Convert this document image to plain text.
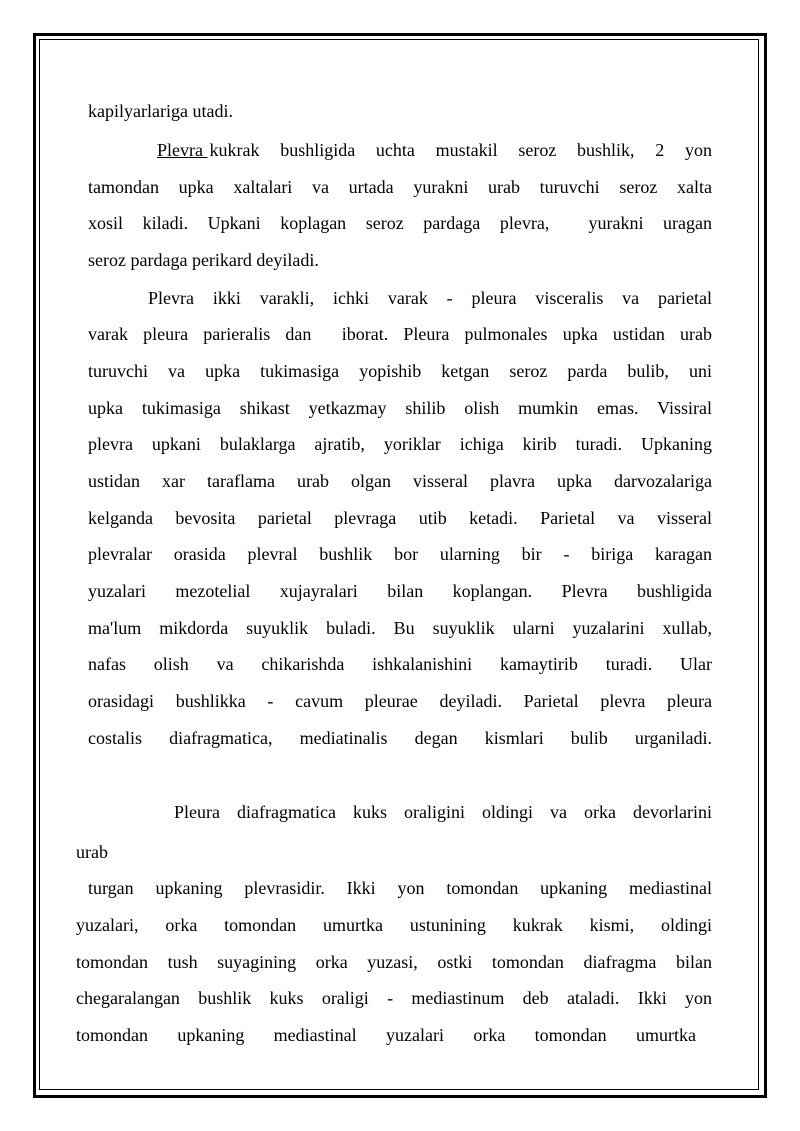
kapilyarlariga utadi.
Plevra kukrak bushligida uchta mustakil seroz bushlik, 2 yon
tamondan upka xaltalari va urtada yurakni urab turuvchi seroz xalta
xosil kiladi. Upkani koplagan seroz pardaga plevra,  yurakni uragan
seroz pardaga perikard deyiladi.
Plevra ikki varakli, ichki varak - pleura visceralis va parietal
varak pleura parieralis dan  iborat. Pleura pulmonales upka ustidan urab
turuvchi va upka tukimasiga yopishib ketgan seroz parda bulib, uni
upka tukimasiga shikast yetkazmay shilib olish mumkin emas. Vissiral
plevra upkani bulaklarga ajratib, yoriklar ichiga kirib turadi. Upkaning
ustidan xar taraflama urab olgan visseral plavra upka darvozalariga
kelganda bevosita parietal plevraga utib ketadi. Parietal va visseral
plevralar orasida plevral bushlik bor ularning bir - biriga karagan
yuzalari mezotelial xujayralari bilan koplangan. Plevra bushligida
ma'lum mikdorda suyuklik buladi. Bu suyuklik ularni yuzalarini xullab,
nafas olish va chikarishda ishkalanishini kamaytirib turadi. Ular
orasidagi bushlikka - cavum pleurae deyiladi. Parietal plevra pleura
costalis diafragmatica, mediatinalis degan kismlari bulib urganiladi.
Pleura diafragmatica kuks oraligini oldingi va orka devorlarini
urab
turgan upkaning plevrasidir. Ikki yon tomondan upkaning mediastinal
yuzalari, orka tomondan umurtka ustunining kukrak kismi, oldingi
tomondan tush suyagining orka yuzasi, ostki tomondan diafragma bilan
chegaralangan bushlik kuks oraligi - mediastinum deb ataladi. Ikki yon
tomondan upkaning mediastinal yuzalari orka tomondan umurtka
